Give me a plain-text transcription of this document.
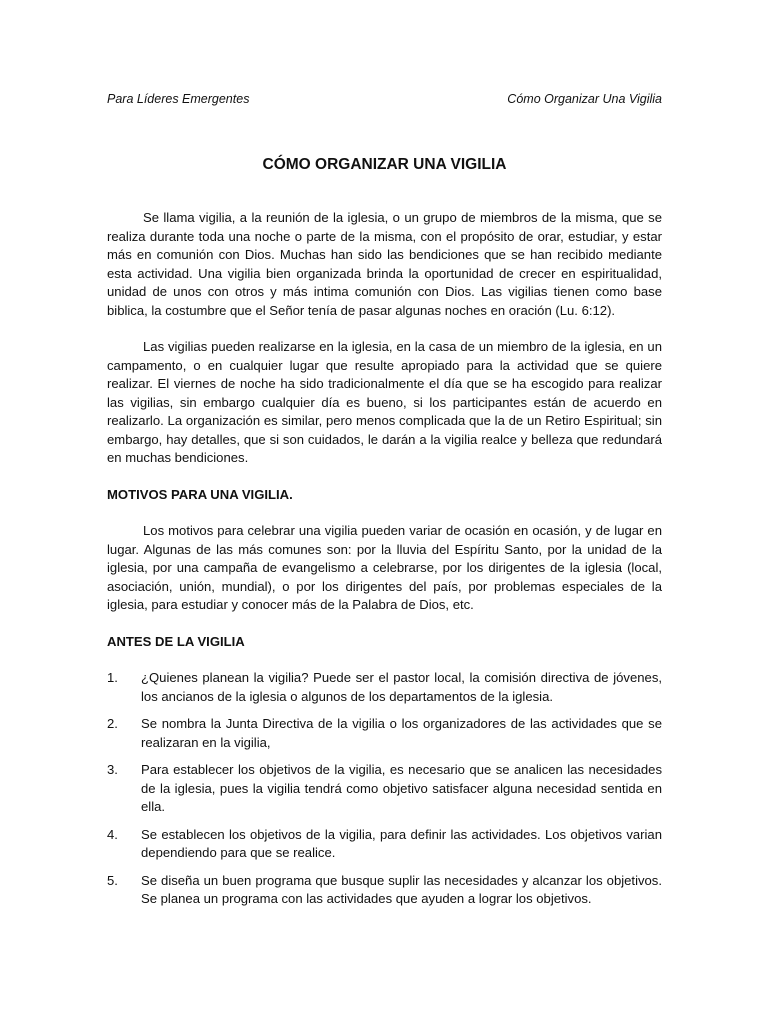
Para Líderes Emergentes	Cómo Organizar Una Vigilia
CÓMO ORGANIZAR UNA VIGILIA

Se llama vigilia, a la reunión de la iglesia, o un grupo de miembros de la misma, que se realiza durante toda una noche o parte de la misma, con el propósito de orar, estudiar, y estar más en comunión con Dios. Muchas han sido las bendiciones que se han recibido mediante esta actividad. Una vigilia bien organizada brinda la oportunidad de crecer en espiritualidad, unidad de unos con otros y más intima comunión con Dios. Las vigilias tienen como base biblica, la costumbre que el Señor tenía de pasar algunas noches en oración (Lu. 6:12).

Las vigilias pueden realizarse en la iglesia, en la casa de un miembro de la iglesia, en un campamento, o en cualquier lugar que resulte apropiado para la actividad que se quiere realizar. El viernes de noche ha sido tradicionalmente el día que se ha escogido para realizar las vigilias, sin embargo cualquier día es bueno, si los participantes están de acuerdo en realizarlo. La organización es similar, pero menos complicada que la de un Retiro Espiritual; sin embargo, hay detalles, que si son cuidados, le darán a la vigilia realce y belleza que redundará en muchas bendiciones.

MOTIVOS PARA UNA VIGILIA.

Los motivos para celebrar una vigilia pueden variar de ocasión en ocasión, y de lugar en lugar. Algunas de las más comunes son: por la lluvia del Espíritu Santo, por la unidad de la iglesia, por una campaña de evangelismo a celebrarse, por los dirigentes de la iglesia (local, asociación, unión, mundial), o por los dirigentes del país, por problemas especiales de la iglesia, para estudiar y conocer más de la Palabra de Dios, etc.

ANTES DE LA VIGILIA
1.	¿Quienes planean la vigilia? Puede ser el pastor local, la comisión directiva de jóvenes, los ancianos de la iglesia o algunos de los departamentos de la iglesia.
2.	Se nombra la Junta Directiva de la vigilia o los organizadores de las actividades que se realizaran en la vigilia,
3.	Para establecer los objetivos de la vigilia, es necesario que se analicen las necesidades de la iglesia, pues la vigilia tendrá como objetivo satisfacer alguna necesidad sentida en ella.
4.	Se establecen los objetivos de la vigilia, para definir las actividades. Los objetivos varian dependiendo para que se realice.
5.	Se diseña un buen programa que busque suplir las necesidades y alcanzar los objetivos. Se planea un programa con las actividades que ayuden a lograr los objetivos.
